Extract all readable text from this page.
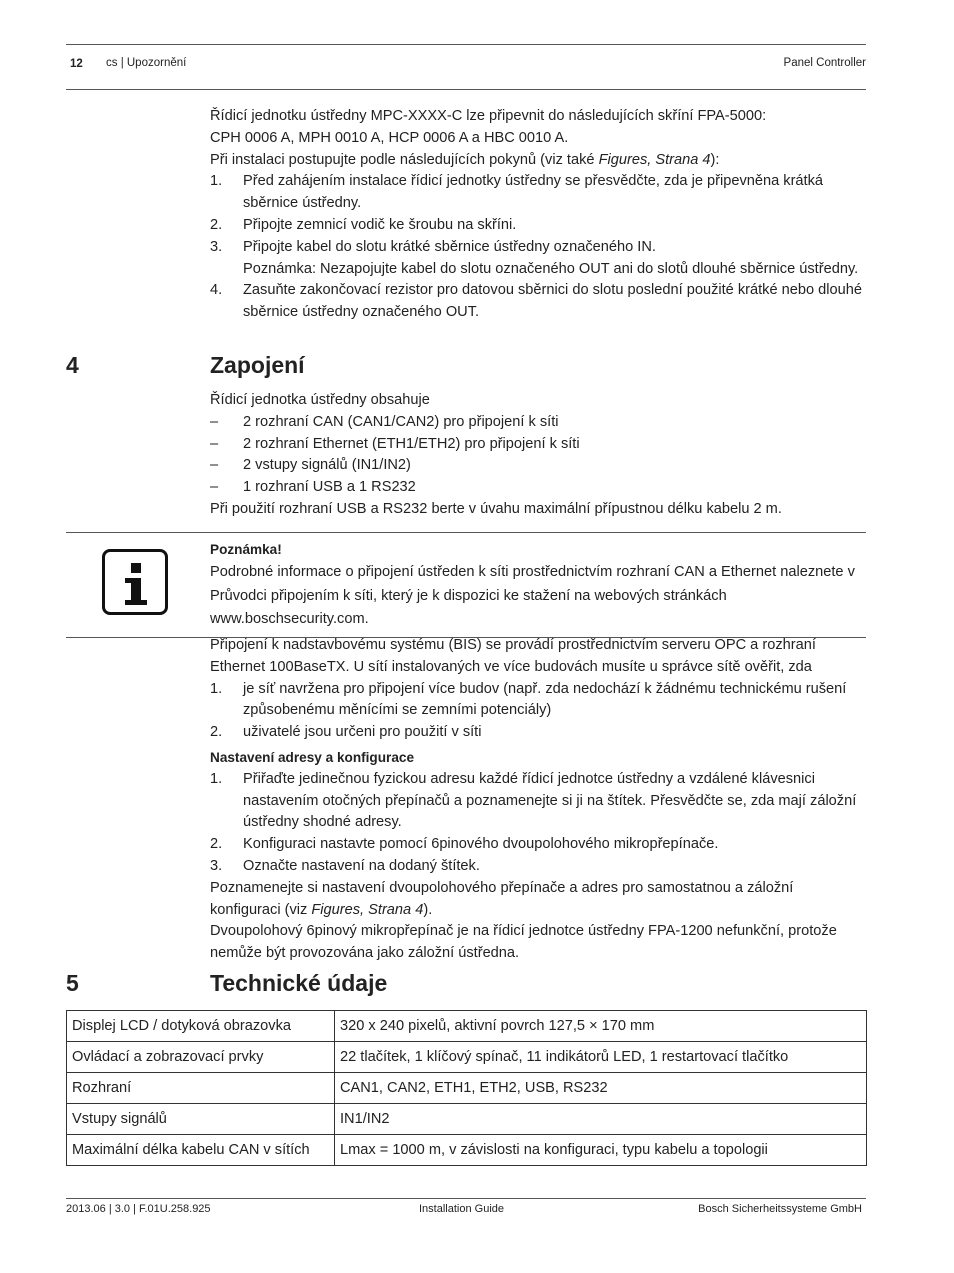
12 cs | Upozornění	Panel Controller

Řídicí jednotku ústředny MPC-XXXX-C lze připevnit do následujících skříní FPA-5000:

CPH 0006 A, MPH 0010 A, HCP 0006 A a HBC 0010 A.

Při instalaci postupujte podle následujících pokynů (viz také Figures, Strana 4):

1. Před zahájením instalace řídicí jednotky ústředny se přesvědčte, zda je připevněna krátká sběrnice ústředny.
2. Připojte zemnicí vodič ke šroubu na skříni.
3. Připojte kabel do slotu krátké sběrnice ústředny označeného IN.
Poznámka: Nezapojujte kabel do slotu označeného OUT ani do slotů dlouhé sběrnice ústředny.
4. Zasuňte zakončovací rezistor pro datovou sběrnici do slotu poslední použité krátké nebo dlouhé sběrnice ústředny označeného OUT.
4	Zapojení

Řídicí jednotka ústředny obsahuje

– 2 rozhraní CAN (CAN1/CAN2) pro připojení k síti
– 2 rozhraní Ethernet (ETH1/ETH2) pro připojení k síti
– 2 vstupy signálů (IN1/IN2)
– 1 rozhraní USB a 1 RS232

Při použití rozhraní USB a RS232 berte v úvahu maximální přípustnou délku kabelu 2 m.

Poznámka!
Podrobné informace o připojení ústředen k síti prostřednictvím rozhraní CAN a Ethernet naleznete v Průvodci připojením k síti, který je k dispozici ke stažení na webových stránkách www.boschsecurity.com.

Připojení k nadstavbovému systému (BIS) se provádí prostřednictvím serveru OPC a rozhraní Ethernet 100BaseTX. U sítí instalovaných ve více budovách musíte u správce sítě ověřit, zda

1. je síť navržena pro připojení více budov (např. zda nedochází k žádnému technickému rušení způsobenému měnícími se zemními potenciály)
2. uživatelé jsou určeni pro použití v síti
Nastavení adresy a konfigurace
1. Přiřaďte jedinečnou fyzickou adresu každé řídicí jednotce ústředny a vzdálené klávesnici nastavením otočných přepínačů a poznamenejte si ji na štítek. Přesvědčte se, zda mají záložní ústředny shodné adresy.
2. Konfiguraci nastavte pomocí 6pinového dvoupolohového mikropřepínače.
3. Označte nastavení na dodaný štítek.

Poznamenejte si nastavení dvoupolohového přepínače a adres pro samostatnou a záložní konfiguraci (viz Figures, Strana 4).

Dvoupolohový 6pinový mikropřepínač je na řídicí jednotce ústředny FPA-1200 nefunkční, protože nemůže být provozována jako záložní ústředna.

5	Technické údaje
Displej LCD / dotyková obrazovka	320 x 240 pixelů, aktivní povrch 127,5 × 170 mm
Ovládací a zobrazovací prvky	22 tlačítek, 1 klíčový spínač, 11 indikátorů LED, 1 restartovací tlačítko
Rozhraní	CAN1, CAN2, ETH1, ETH2, USB, RS232
Vstupy signálů	IN1/IN2
Maximální délka kabelu CAN v sítích	Lmax = 1000 m, v závislosti na konfiguraci, typu kabelu a topologii
2013.06 | 3.0 | F.01U.258.925	Installation Guide	Bosch Sicherheitssysteme GmbH
